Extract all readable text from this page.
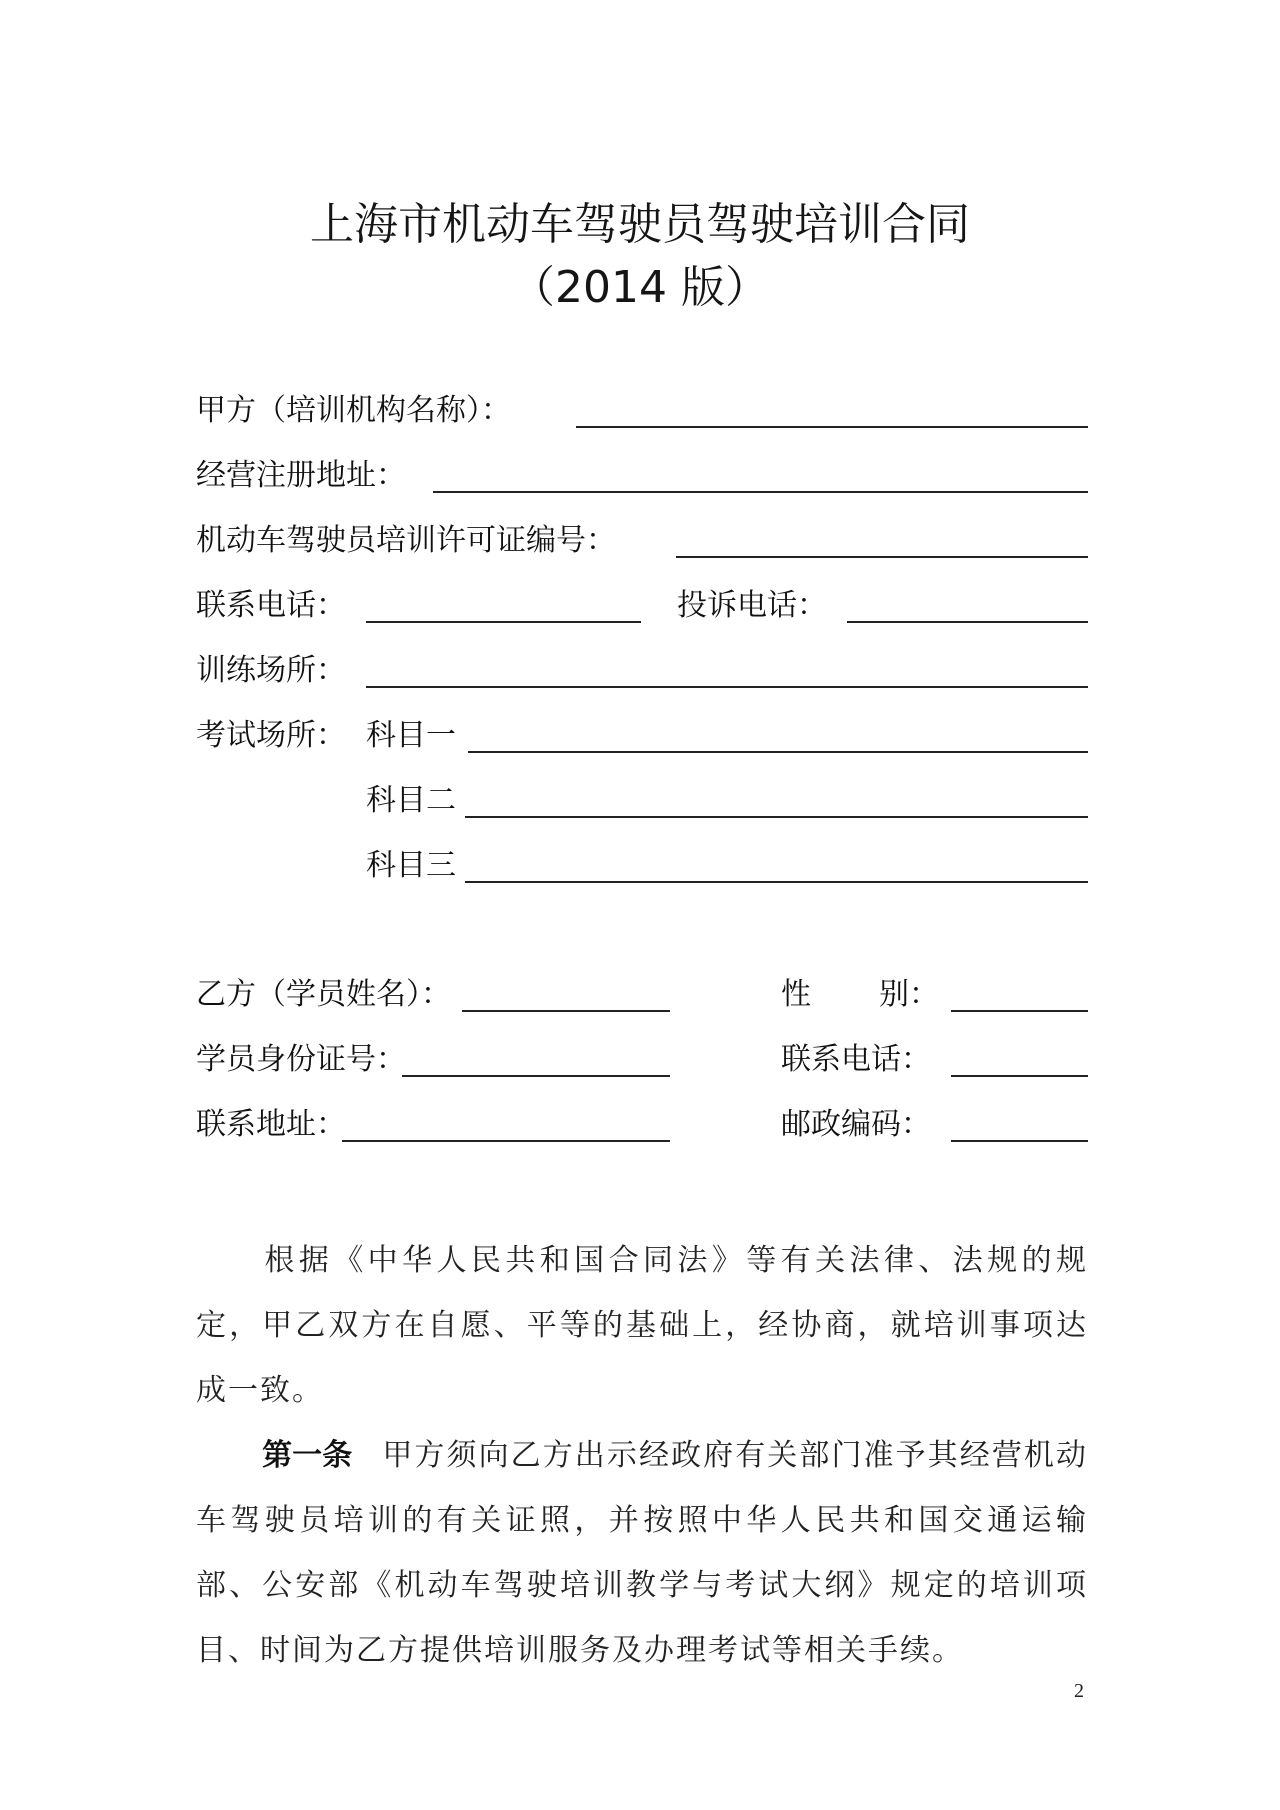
上海市机动车驾驶员驾驶培训合同
（2014 版）
甲方（培训机构名称）：
经营注册地址：
机动车驾驶员培训许可证编号：
联系电话：	投诉电话：
训练场所：
考试场所： 科目一
科目二
科目三
乙方（学员姓名）：	性 别：
学员身份证号：	联系电话：
联系地址：	邮政编码：
根据《中华人民共和国合同法》等有关法律、法规的规定，甲乙双方在自愿、平等的基础上，经协商，就培训事项达成一致。
第一条 甲方须向乙方出示经政府有关部门准予其经营机动车驾驶员培训的有关证照，并按照中华人民共和国交通运输部、公安部《机动车驾驶培训教学与考试大纲》规定的培训项目、时间为乙方提供培训服务及办理考试等相关手续。
2
